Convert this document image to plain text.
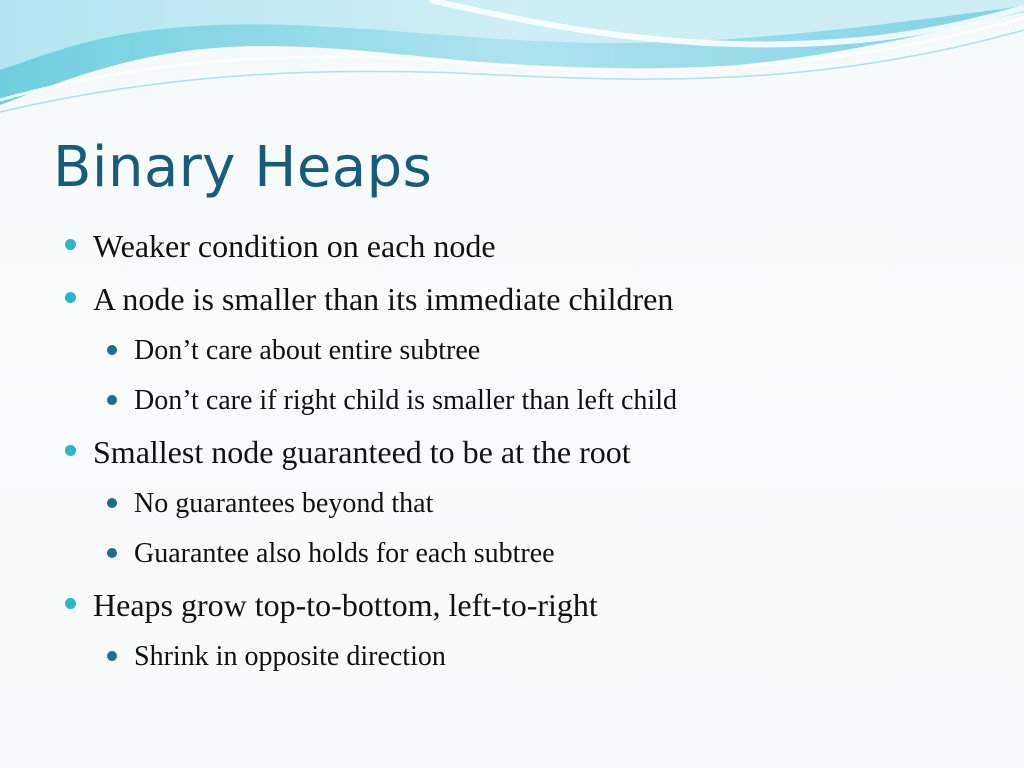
Binary Heaps
Weaker condition on each node
A node is smaller than its immediate children
Don’t care about entire subtree
Don’t care if right child is smaller than left child
Smallest node guaranteed to be at the root
No guarantees beyond that
Guarantee also holds for each subtree
Heaps grow top-to-bottom, left-to-right
Shrink in opposite direction
